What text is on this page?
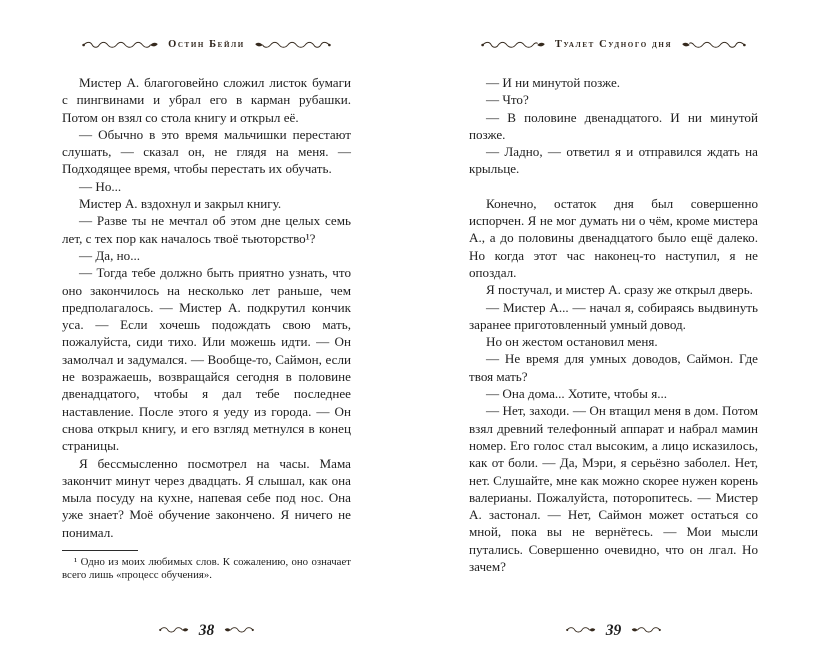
Остин Бейли

Мистер А. благоговейно сложил листок бумаги с пингвинами и убрал его в карман рубашки. Потом он взял со стола книгу и открыл её.

— Обычно в это время мальчишки перестают слушать, — сказал он, не глядя на меня. — Подходящее время, чтобы перестать их обучать.

— Но...

Мистер А. вздохнул и закрыл книгу.

— Разве ты не мечтал об этом дне целых семь лет, с тех пор как началось твоё тьюторство¹?

— Да, но...

— Тогда тебе должно быть приятно узнать, что оно закончилось на несколько лет раньше, чем предполагалось. — Мистер А. подкрутил кончик уса. — Если хочешь подождать свою мать, пожалуйста, сиди тихо. Или можешь идти. — Он замолчал и задумался. — Вообще-то, Саймон, если не возражаешь, возвращайся сегодня в половине двенадцатого, чтобы я дал тебе последнее наставление. После этого я уеду из города. — Он снова открыл книгу, и его взгляд метнулся в конец страницы.

Я бессмысленно посмотрел на часы. Мама закончит минут через двадцать. Я слышал, как она мыла посуду на кухне, напевая себе под нос. Она уже знает? Моё обучение закончено. Я ничего не понимал.

¹ Одно из моих любимых слов. К сожалению, оно означает всего лишь «процесс обучения».

38
Туалет Судного дня

— И ни минутой позже.

— Что?

— В половине двенадцатого. И ни минутой позже.

— Ладно, — ответил я и отправился ждать на крыльце.

Конечно, остаток дня был совершенно испорчен. Я не мог думать ни о чём, кроме мистера А., а до половины двенадцатого было ещё далеко. Но когда этот час наконец-то наступил, я не опоздал.

Я постучал, и мистер А. сразу же открыл дверь.

— Мистер А... — начал я, собираясь выдвинуть заранее приготовленный умный довод.

Но он жестом остановил меня.

— Не время для умных доводов, Саймон. Где твоя мать?

— Она дома... Хотите, чтобы я...

— Нет, заходи. — Он втащил меня в дом. Потом взял древний телефонный аппарат и набрал мамин номер. Его голос стал высоким, а лицо исказилось, как от боли. — Да, Мэри, я серьёзно заболел. Нет, нет. Слушайте, мне как можно скорее нужен корень валерианы. Пожалуйста, поторопитесь. — Мистер А. застонал. — Нет, Саймон может остаться со мной, пока вы не вернётесь. — Мои мысли путались. Совершенно очевидно, что он лгал. Но зачем?

39
